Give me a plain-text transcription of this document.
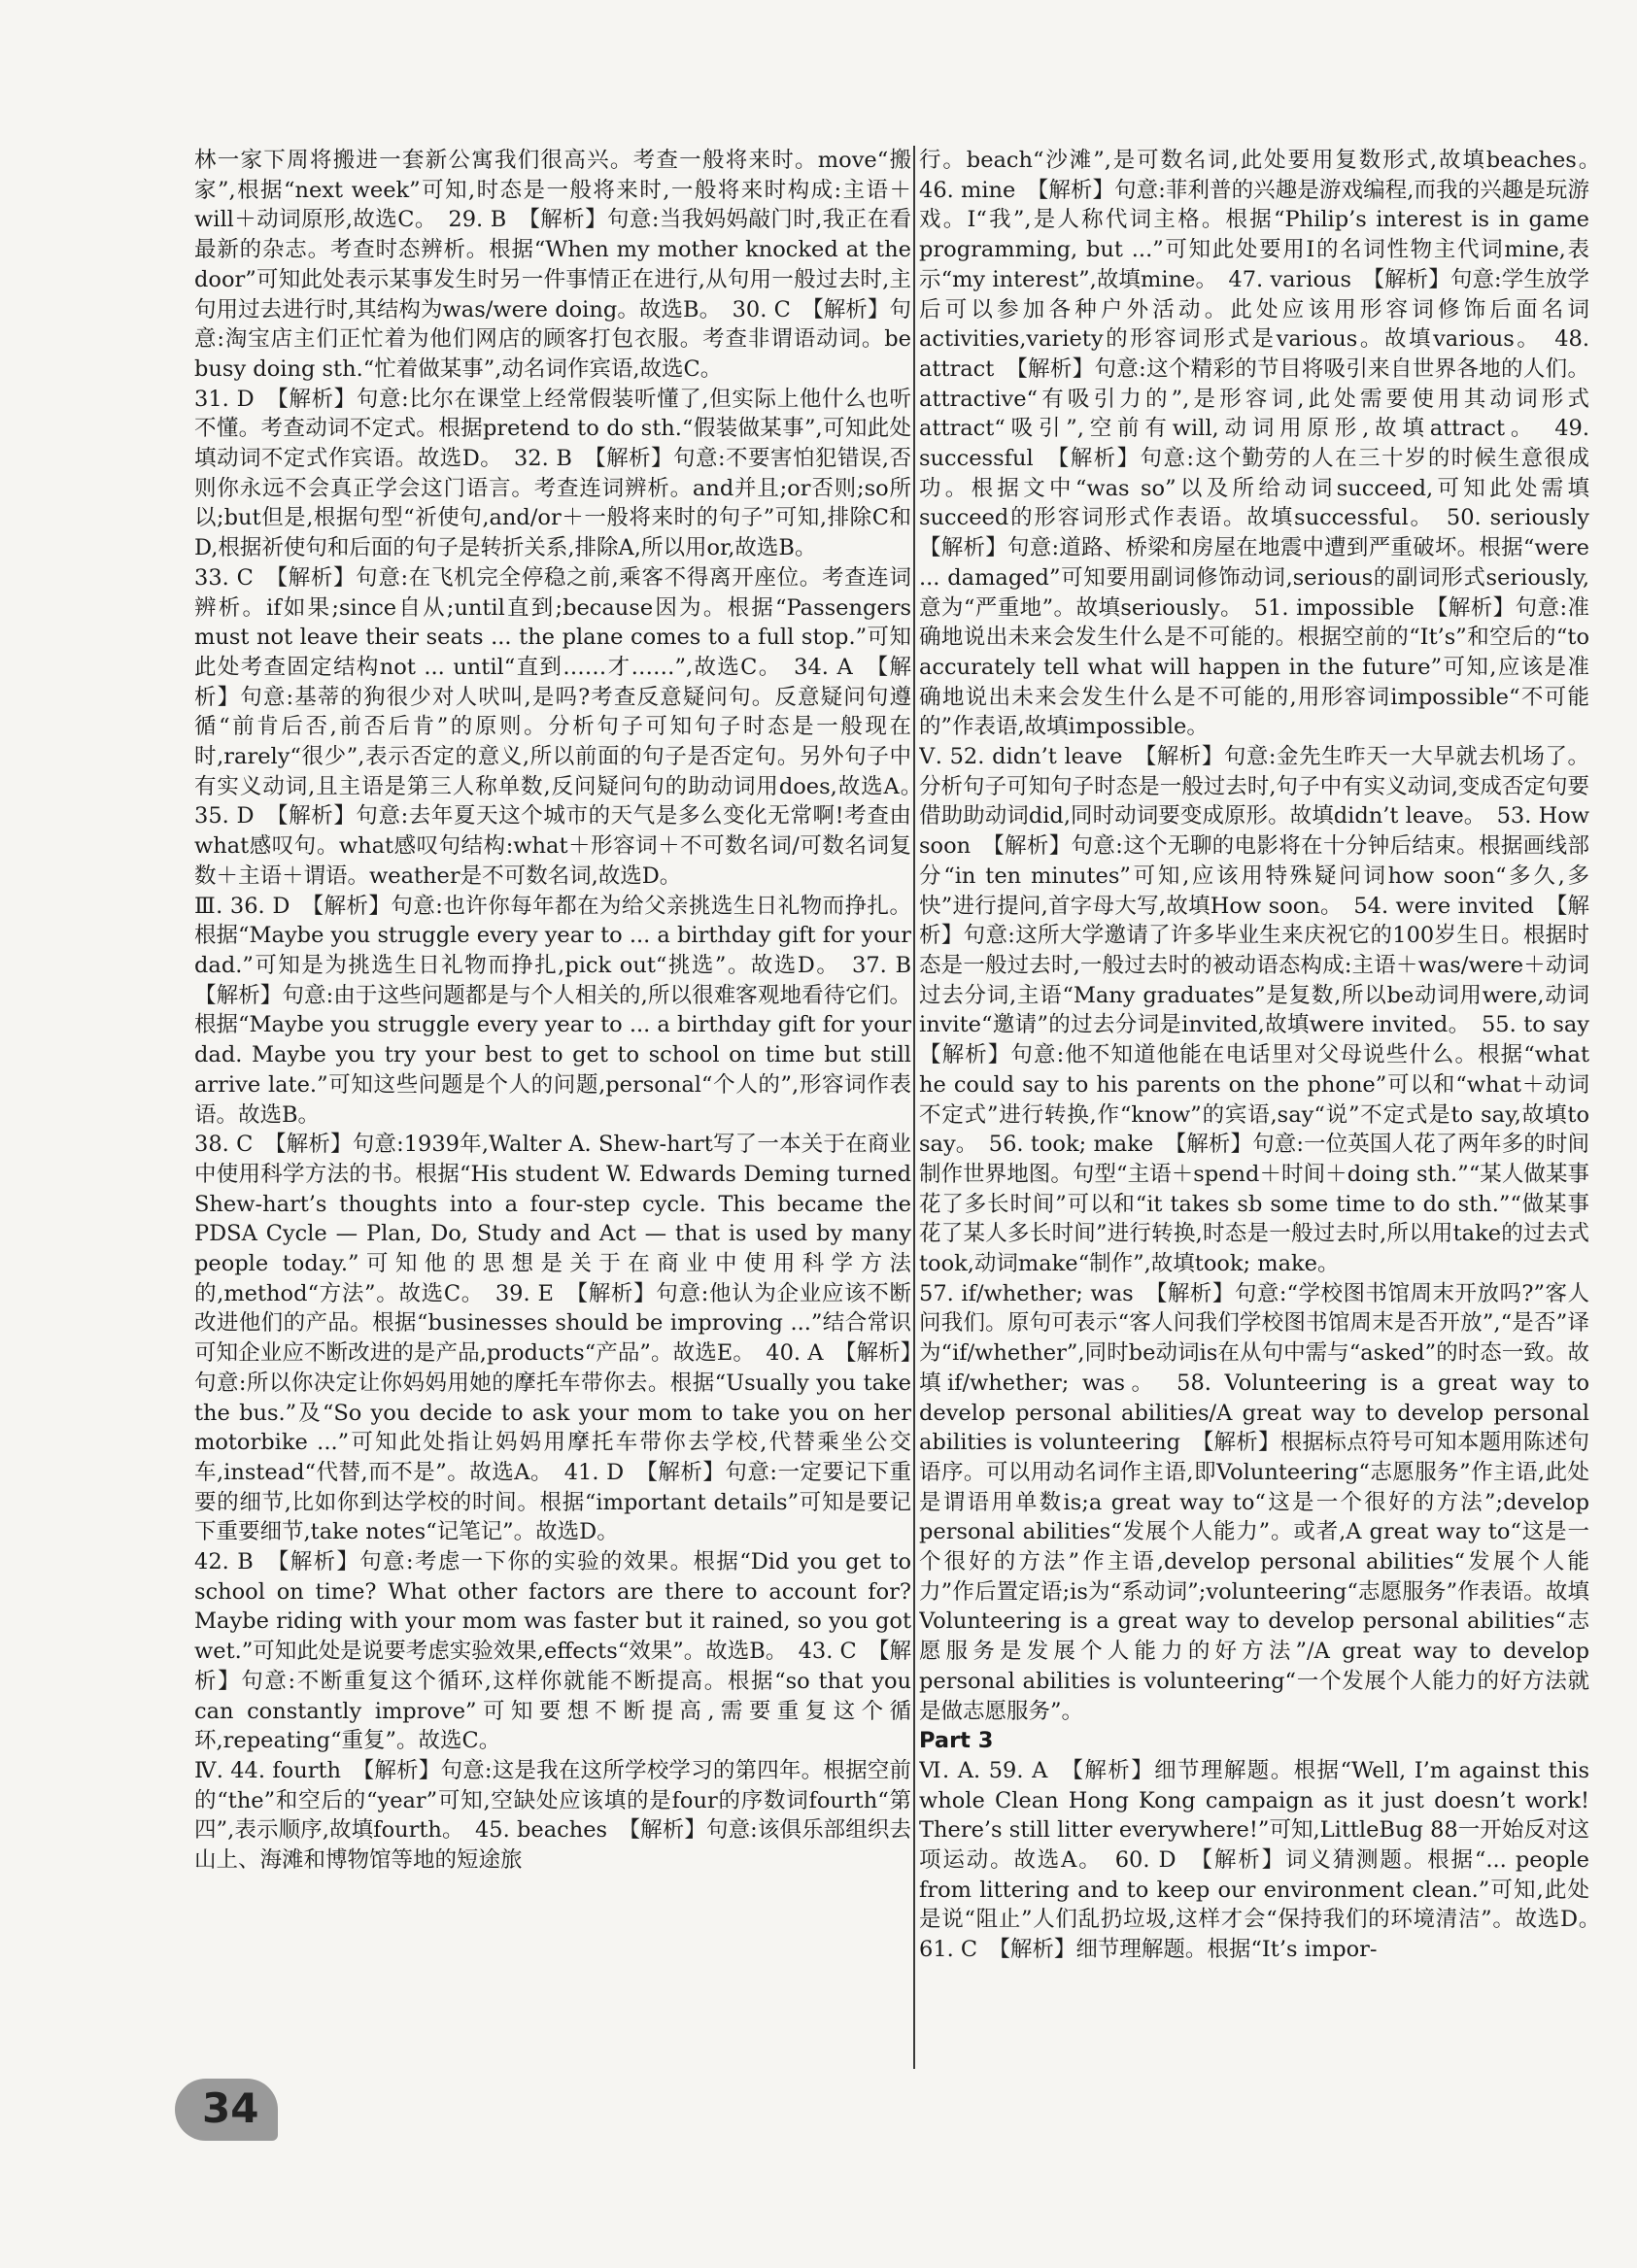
林一家下周将搬进一套新公寓我们很高兴。考查一般将来时。move“搬家”,根据“next week”可知,时态是一般将来时,一般将来时构成:主语＋will＋动词原形,故选C。　29. B　【解析】句意:当我妈妈敲门时,我正在看最新的杂志。考查时态辨析。根据“When my mother knocked at the door”可知此处表示某事发生时另一件事情正在进行,从句用一般过去时,主句用过去进行时,其结构为was/were doing。故选B。　30. C　【解析】句意:淘宝店主们正忙着为他们网店的顾客打包衣服。考查非谓语动词。be busy doing sth.“忙着做某事”,动名词作宾语,故选C。

31. D　【解析】句意:比尔在课堂上经常假装听懂了,但实际上他什么也听不懂。考查动词不定式。根据pretend to do sth.“假装做某事”,可知此处填动词不定式作宾语。故选D。　32. B　【解析】句意:不要害怕犯错误,否则你永远不会真正学会这门语言。考查连词辨析。and并且;or否则;so所以;but但是,根据句型“祈使句,and/or＋一般将来时的句子”可知,排除C和D,根据祈使句和后面的句子是转折关系,排除A,所以用or,故选B。

33. C　【解析】句意:在飞机完全停稳之前,乘客不得离开座位。考查连词辨析。if如果;since自从;until直到;because因为。根据“Passengers must not leave their seats ... the plane comes to a full stop.”可知此处考查固定结构not ... until“直到……才……”,故选C。　34. A　【解析】句意:基蒂的狗很少对人吠叫,是吗?考查反意疑问句。反意疑问句遵循“前肯后否,前否后肯”的原则。分析句子可知句子时态是一般现在时,rarely“很少”,表示否定的意义,所以前面的句子是否定句。另外句子中有实义动词,且主语是第三人称单数,反问疑问句的助动词用does,故选A。　35. D　【解析】句意:去年夏天这个城市的天气是多么变化无常啊!考查由what感叹句。what感叹句结构:what＋形容词＋不可数名词/可数名词复数＋主语＋谓语。weather是不可数名词,故选D。

Ⅲ. 36. D　【解析】句意:也许你每年都在为给父亲挑选生日礼物而挣扎。根据“Maybe you struggle every year to ... a birthday gift for your dad.”可知是为挑选生日礼物而挣扎,pick out“挑选”。故选D。　37. B　【解析】句意:由于这些问题都是与个人相关的,所以很难客观地看待它们。根据“Maybe you struggle every year to ... a birthday gift for your dad. Maybe you try your best to get to school on time but still arrive late.”可知这些问题是个人的问题,personal“个人的”,形容词作表语。故选B。

38. C　【解析】句意:1939年,Walter A. Shew-hart写了一本关于在商业中使用科学方法的书。根据“His student W. Edwards Deming turned Shew-hart’s thoughts into a four-step cycle. This became the PDSA Cycle — Plan, Do, Study and Act — that is used by many people today.”可知他的思想是关于在商业中使用科学方法的,method“方法”。故选C。　39. E　【解析】句意:他认为企业应该不断改进他们的产品。根据“businesses should be improving ...”结合常识可知企业应不断改进的是产品,products“产品”。故选E。　40. A　【解析】句意:所以你决定让你妈妈用她的摩托车带你去。根据“Usually you take the bus.”及“So you decide to ask your mom to take you on her motorbike ...”可知此处指让妈妈用摩托车带你去学校,代替乘坐公交车,instead“代替,而不是”。故选A。　41. D　【解析】句意:一定要记下重要的细节,比如你到达学校的时间。根据“important details”可知是要记下重要细节,take notes“记笔记”。故选D。

42. B　【解析】句意:考虑一下你的实验的效果。根据“Did you get to school on time? What other factors are there to account for? Maybe riding with your mom was faster but it rained, so you got wet.”可知此处是说要考虑实验效果,effects“效果”。故选B。　43. C　【解析】句意:不断重复这个循环,这样你就能不断提高。根据“so that you can constantly improve”可知要想不断提高,需要重复这个循环,repeating“重复”。故选C。

Ⅳ. 44. fourth　【解析】句意:这是我在这所学校学习的第四年。根据空前的“the”和空后的“year”可知,空缺处应该填的是four的序数词fourth“第四”,表示顺序,故填fourth。　45. beaches　【解析】句意:该俱乐部组织去山上、海滩和博物馆等地的短途旅

行。beach“沙滩”,是可数名词,此处要用复数形式,故填beaches。　46. mine　【解析】句意:菲利普的兴趣是游戏编程,而我的兴趣是玩游戏。I“我”,是人称代词主格。根据“Philip’s interest is in game programming, but ...”可知此处要用I的名词性物主代词mine,表示“my interest”,故填mine。　47. various　【解析】句意:学生放学后可以参加各种户外活动。此处应该用形容词修饰后面名词activities,variety的形容词形式是various。故填various。　48. attract　【解析】句意:这个精彩的节目将吸引来自世界各地的人们。attractive“有吸引力的”,是形容词,此处需要使用其动词形式attract“吸引”,空前有will,动词用原形,故填attract。　49. successful　【解析】句意:这个勤劳的人在三十岁的时候生意很成功。根据文中“was so”以及所给动词succeed,可知此处需填succeed的形容词形式作表语。故填successful。　50. seriously　【解析】句意:道路、桥梁和房屋在地震中遭到严重破坏。根据“were ... damaged”可知要用副词修饰动词,serious的副词形式seriously,意为“严重地”。故填seriously。　51. impossible　【解析】句意:准确地说出未来会发生什么是不可能的。根据空前的“It’s”和空后的“to accurately tell what will happen in the future”可知,应该是准确地说出未来会发生什么是不可能的,用形容词impossible“不可能的”作表语,故填impossible。

Ⅴ. 52. didn’t leave　【解析】句意:金先生昨天一大早就去机场了。分析句子可知句子时态是一般过去时,句子中有实义动词,变成否定句要借助助动词did,同时动词要变成原形。故填didn’t leave。　53. How soon　【解析】句意:这个无聊的电影将在十分钟后结束。根据画线部分“in ten minutes”可知,应该用特殊疑问词how soon“多久,多快”进行提问,首字母大写,故填How soon。　54. were invited　【解析】句意:这所大学邀请了许多毕业生来庆祝它的100岁生日。根据时态是一般过去时,一般过去时的被动语态构成:主语＋was/were＋动词过去分词,主语“Many graduates”是复数,所以be动词用were,动词invite“邀请”的过去分词是invited,故填were invited。　55. to say　【解析】句意:他不知道他能在电话里对父母说些什么。根据“what he could say to his parents on the phone”可以和“what＋动词不定式”进行转换,作“know”的宾语,say“说”不定式是to say,故填to say。　56. took; make　【解析】句意:一位英国人花了两年多的时间制作世界地图。句型“主语＋spend＋时间＋doing sth.”“某人做某事花了多长时间”可以和“it takes sb some time to do sth.”“做某事花了某人多长时间”进行转换,时态是一般过去时,所以用take的过去式took,动词make“制作”,故填took; make。

57. if/whether; was　【解析】句意:“学校图书馆周末开放吗?”客人问我们。原句可表示“客人问我们学校图书馆周末是否开放”,“是否”译为“if/whether”,同时be动词is在从句中需与“asked”的时态一致。故填if/whether; was。　58. Volunteering is a great way to develop personal abilities/A great way to develop personal abilities is volunteering　【解析】根据标点符号可知本题用陈述句语序。可以用动名词作主语,即Volunteering“志愿服务”作主语,此处是谓语用单数is;a great way to“这是一个很好的方法”;develop personal abilities“发展个人能力”。或者,A great way to“这是一个很好的方法”作主语,develop personal abilities“发展个人能力”作后置定语;is为“系动词”;volunteering“志愿服务”作表语。故填Volunteering is a great way to develop personal abilities“志愿服务是发展个人能力的好方法”/A great way to develop personal abilities is volunteering“一个发展个人能力的好方法就是做志愿服务”。

Part 3

Ⅵ. A. 59. A　【解析】细节理解题。根据“Well, I’m against this whole Clean Hong Kong campaign as it just doesn’t work! There’s still litter everywhere!”可知,LittleBug 88一开始反对这项运动。故选A。　60. D　【解析】词义猜测题。根据“... people from littering and to keep our environment clean.”可知,此处是说“阻止”人们乱扔垃圾,这样才会“保持我们的环境清洁”。故选D。　61. C　【解析】细节理解题。根据“It’s impor-

34
